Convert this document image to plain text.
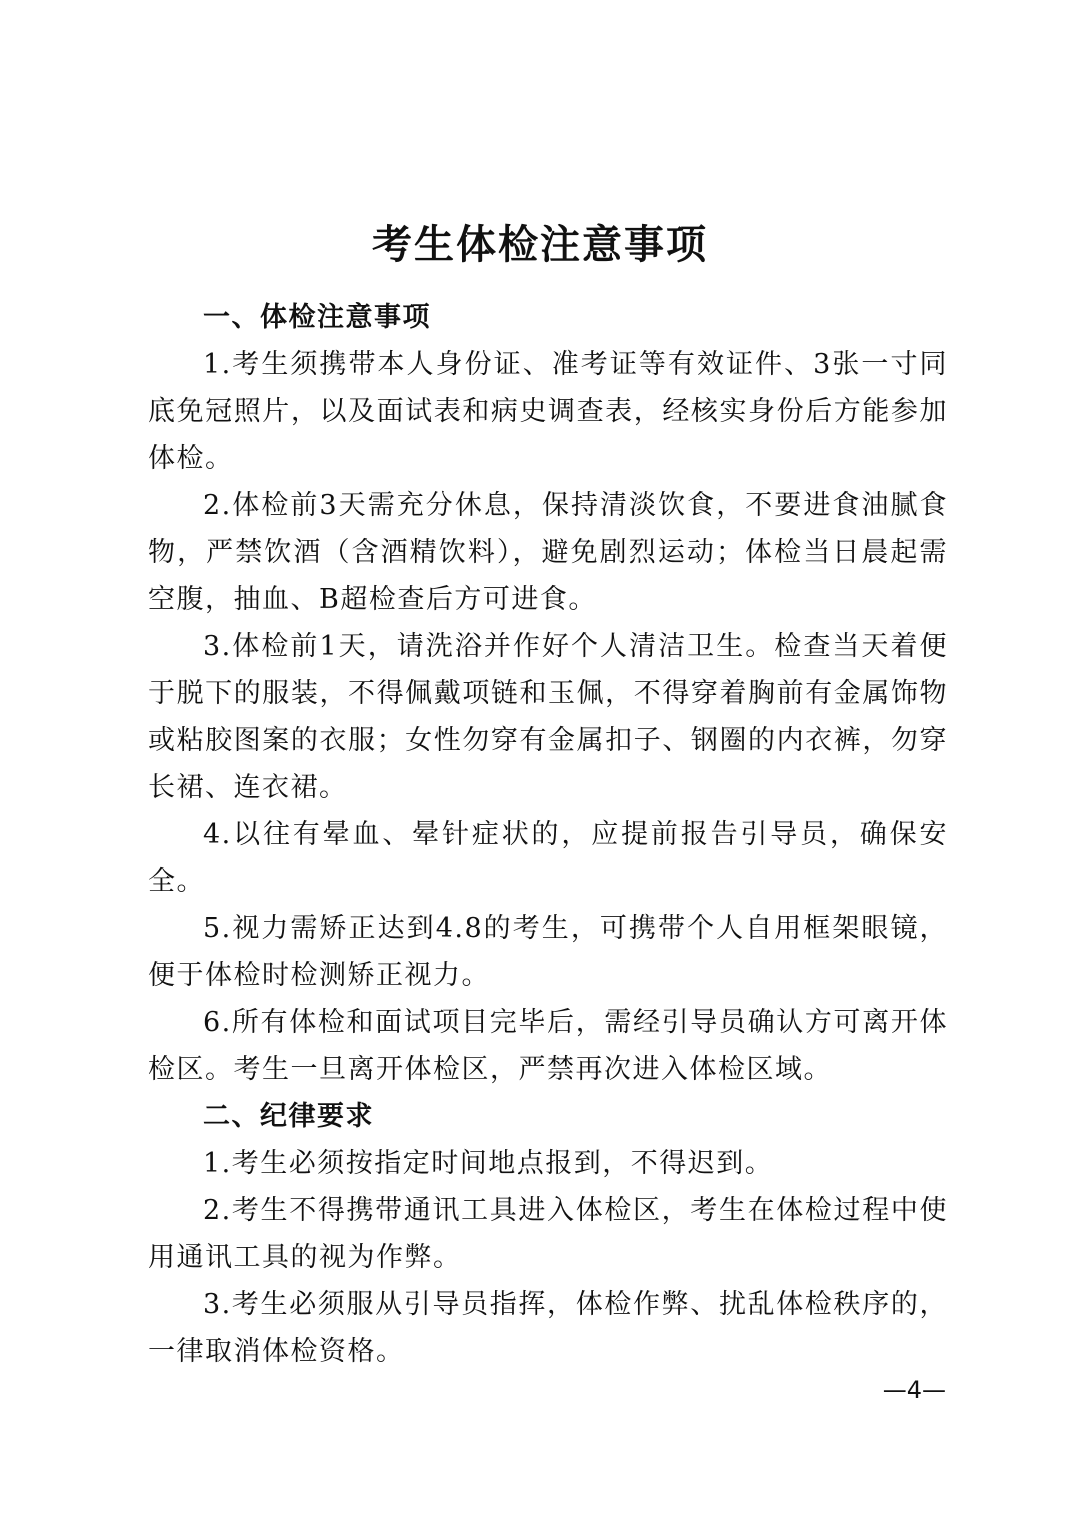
考生体检注意事项
一、体检注意事项

1.考生须携带本人身份证、准考证等有效证件、3张一寸同底免冠照片，以及面试表和病史调查表，经核实身份后方能参加体检。

2.体检前3天需充分休息，保持清淡饮食，不要进食油腻食物，严禁饮酒（含酒精饮料），避免剧烈运动；体检当日晨起需空腹，抽血、B超检查后方可进食。

3.体检前1天，请洗浴并作好个人清洁卫生。检查当天着便于脱下的服装，不得佩戴项链和玉佩，不得穿着胸前有金属饰物或粘胶图案的衣服；女性勿穿有金属扣子、钢圈的内衣裤，勿穿长裙、连衣裙。

4.以往有晕血、晕针症状的，应提前报告引导员，确保安全。

5.视力需矫正达到4.8的考生，可携带个人自用框架眼镜，便于体检时检测矫正视力。

6.所有体检和面试项目完毕后，需经引导员确认方可离开体检区。考生一旦离开体检区，严禁再次进入体检区域。

二、纪律要求

1.考生必须按指定时间地点报到，不得迟到。

2.考生不得携带通讯工具进入体检区，考生在体检过程中使用通讯工具的视为作弊。

3.考生必须服从引导员指挥，体检作弊、扰乱体检秩序的，一律取消体检资格。

—4—
